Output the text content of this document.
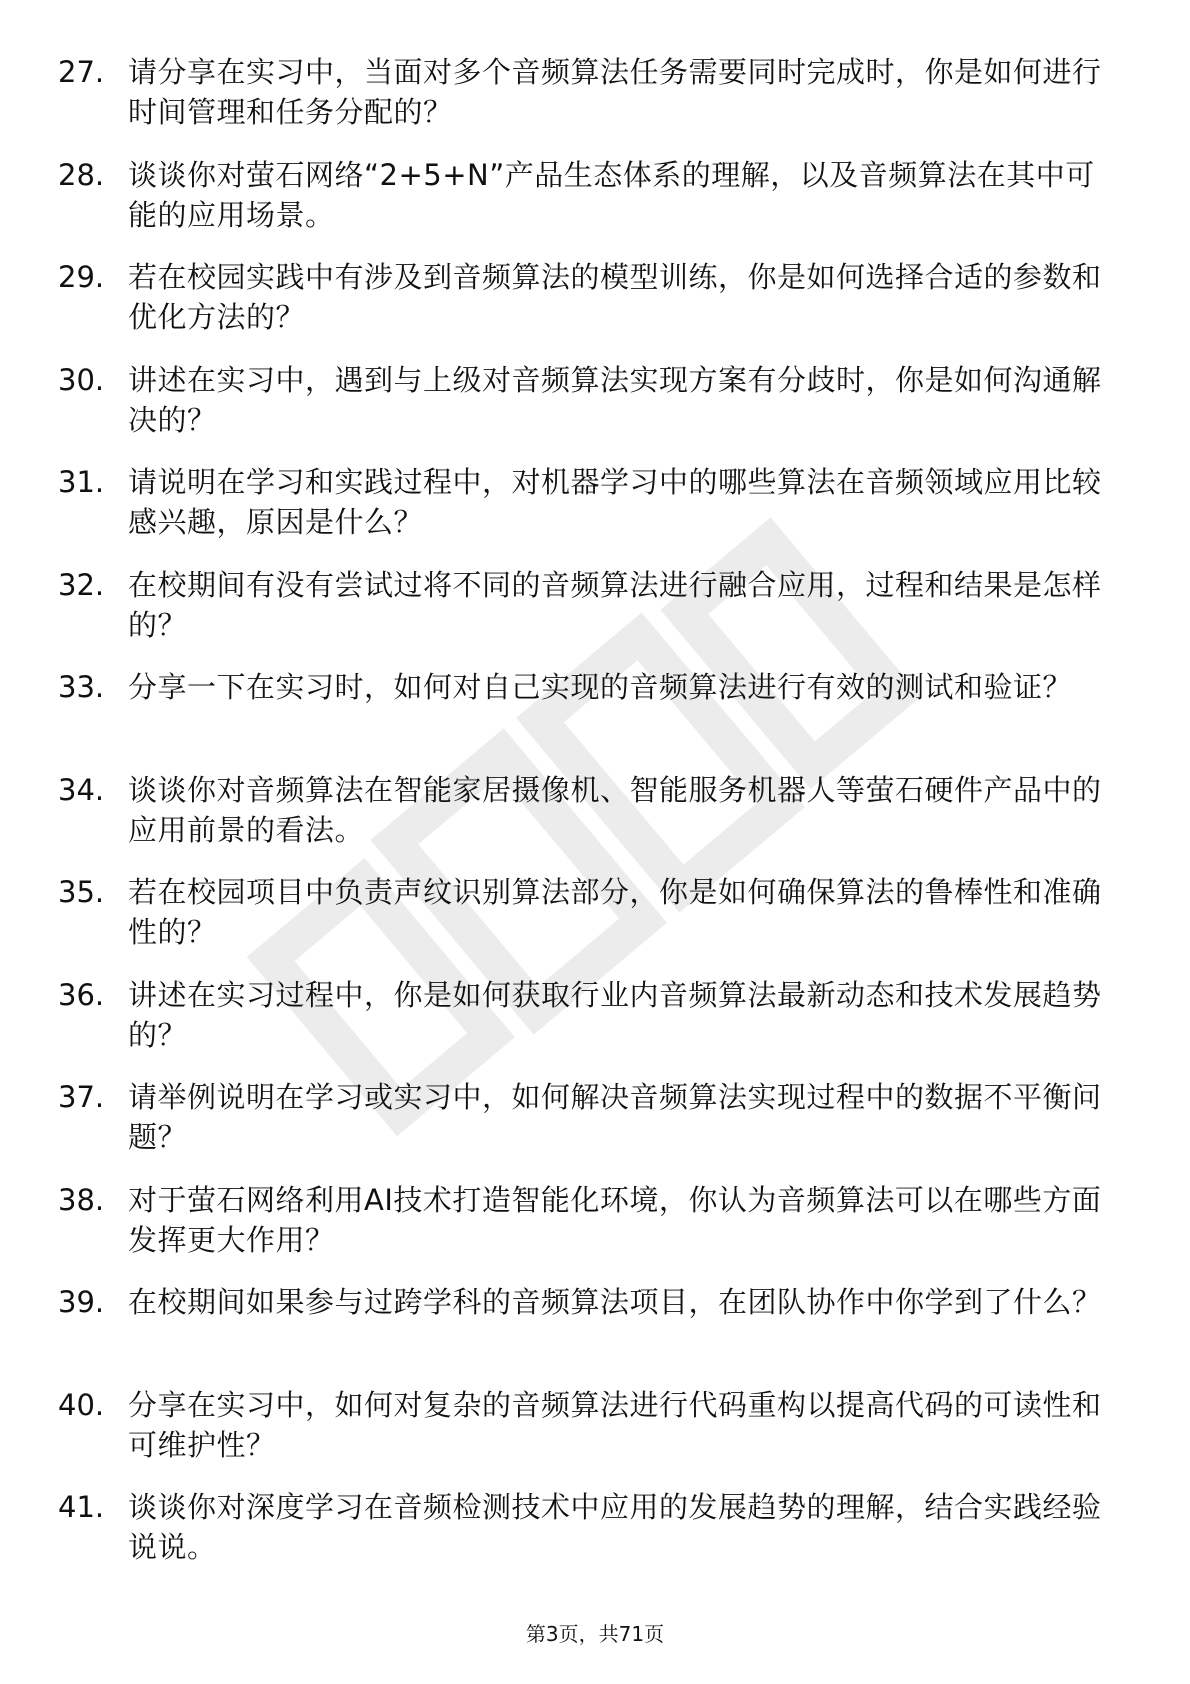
27. 请分享在实习中，当面对多个音频算法任务需要同时完成时，你是如何进行时间管理和任务分配的？
28. 谈谈你对萤石网络“2+5+N”产品生态体系的理解，以及音频算法在其中可能的应用场景。
29. 若在校园实践中有涉及到音频算法的模型训练，你是如何选择合适的参数和优化方法的？
30. 讲述在实习中，遇到与上级对音频算法实现方案有分歧时，你是如何沟通解决的？
31. 请说明在学习和实践过程中，对机器学习中的哪些算法在音频领域应用比较感兴趣，原因是什么？
32. 在校期间有没有尝试过将不同的音频算法进行融合应用，过程和结果是怎样的？
33. 分享一下在实习时，如何对自己实现的音频算法进行有效的测试和验证？
34. 谈谈你对音频算法在智能家居摄像机、智能服务机器人等萤石硬件产品中的应用前景的看法。
35. 若在校园项目中负责声纹识别算法部分，你是如何确保算法的鲁棒性和准确性的？
36. 讲述在实习过程中，你是如何获取行业内音频算法最新动态和技术发展趋势的？
37. 请举例说明在学习或实习中，如何解决音频算法实现过程中的数据不平衡问题？
38. 对于萤石网络利用AI技术打造智能化环境，你认为音频算法可以在哪些方面发挥更大作用？
39. 在校期间如果参与过跨学科的音频算法项目，在团队协作中你学到了什么？
40. 分享在实习中，如何对复杂的音频算法进行代码重构以提高代码的可读性和可维护性？
41. 谈谈你对深度学习在音频检测技术中应用的发展趋势的理解，结合实践经验说说。
第3页，共71页
